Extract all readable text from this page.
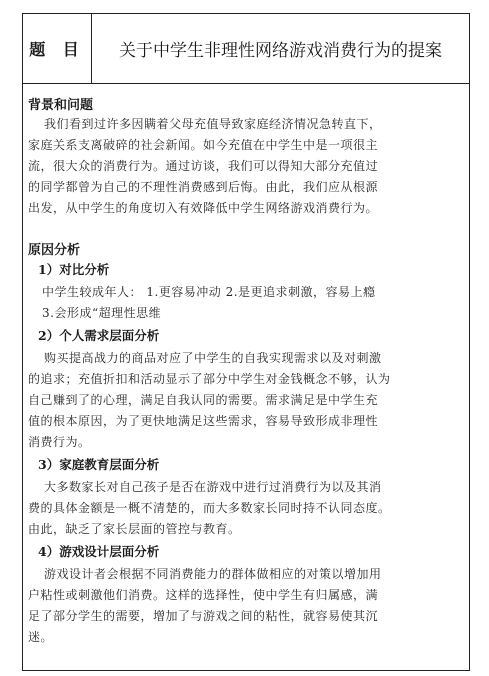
题 目	关于中学生非理性网络游戏消费行为的提案
背景和问题
我们看到过许多因瞒着父母充值导致家庭经济情况急转直下，
家庭关系支离破碎的社会新闻。如今充值在中学生中是一项很主
流，很大众的消费行为。通过访谈，我们可以得知大部分充值过
的同学都曾为自己的不理性消费感到后悔。由此，我们应从根源
出发，从中学生的角度切入有效降低中学生网络游戏消费行为。
原因分析
1）对比分析
中学生较成年人： 1.更容易冲动 2.是更追求刺激，容易上瘾
3.会形成“超理性思维
2）个人需求层面分析
购买提高战力的商品对应了中学生的自我实现需求以及对刺激
的追求；充值折扣和活动显示了部分中学生对金钱概念不够，认为
自己赚到了的心理，满足自我认同的需要。需求满足是中学生充
值的根本原因，为了更快地满足这些需求，容易导致形成非理性
消费行为。
3）家庭教育层面分析
大多数家长对自己孩子是否在游戏中进行过消费行为以及其消
费的具体金额是一概不清楚的，而大多数家长同时持不认同态度。
由此，缺乏了家长层面的管控与教育。
4）游戏设计层面分析
游戏设计者会根据不同消费能力的群体做相应的对策以增加用
户粘性或刺激他们消费。这样的选择性，使中学生有归属感，满
足了部分学生的需要，增加了与游戏之间的粘性，就容易使其沉
迷。
